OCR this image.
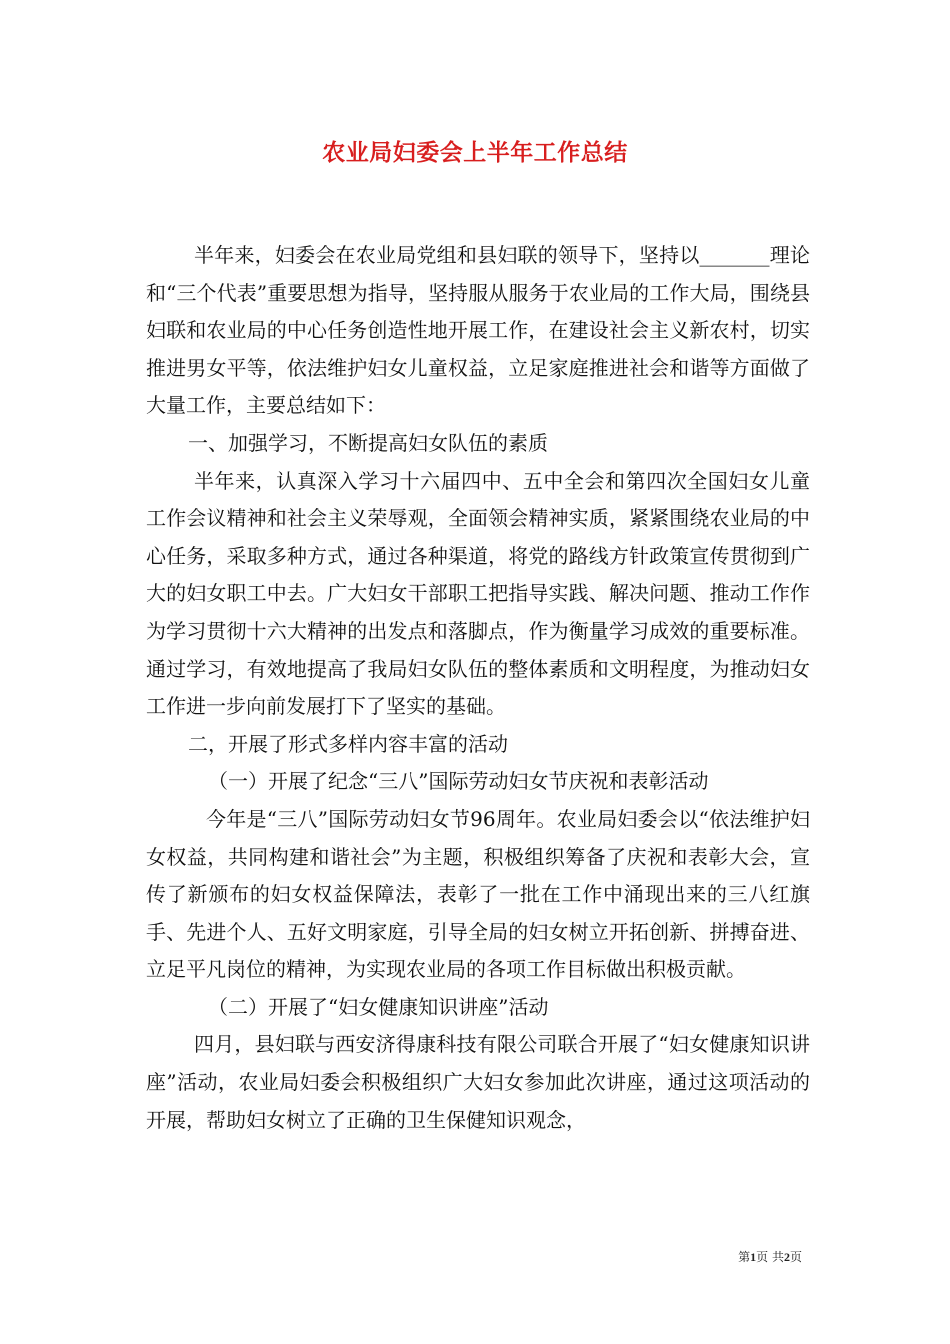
农业局妇委会上半年工作总结

半年来，妇委会在农业局党组和县妇联的领导下，坚持以_______理论和“三个代表”重要思想为指导，坚持服从服务于农业局的工作大局，围绕县妇联和农业局的中心任务创造性地开展工作，在建设社会主义新农村，切实推进男女平等，依法维护妇女儿童权益，立足家庭推进社会和谐等方面做了大量工作，主要总结如下：

一、加强学习，不断提高妇女队伍的素质

半年来，认真深入学习十六届四中、五中全会和第四次全国妇女儿童工作会议精神和社会主义荣辱观，全面领会精神实质，紧紧围绕农业局的中心任务，采取多种方式，通过各种渠道，将党的路线方针政策宣传贯彻到广大的妇女职工中去。广大妇女干部职工把指导实践、解决问题、推动工作作为学习贯彻十六大精神的出发点和落脚点，作为衡量学习成效的重要标准。通过学习，有效地提高了我局妇女队伍的整体素质和文明程度，为推动妇女工作进一步向前发展打下了坚实的基础。

二，开展了形式多样内容丰富的活动

（一）开展了纪念“三八”国际劳动妇女节庆祝和表彰活动

今年是“三八”国际劳动妇女节96周年。农业局妇委会以“依法维护妇女权益，共同构建和谐社会”为主题，积极组织筹备了庆祝和表彰大会，宣传了新颁布的妇女权益保障法，表彰了一批在工作中涌现出来的三八红旗手、先进个人、五好文明家庭，引导全局的妇女树立开拓创新、拼搏奋进、立足平凡岗位的精神，为实现农业局的各项工作目标做出积极贡献。

（二）开展了“妇女健康知识讲座”活动

四月，县妇联与西安济得康科技有限公司联合开展了“妇女健康知识讲座”活动，农业局妇委会积极组织广大妇女参加此次讲座，通过这项活动的开展，帮助妇女树立了正确的卫生保健知识观念，

第1页 共2页
